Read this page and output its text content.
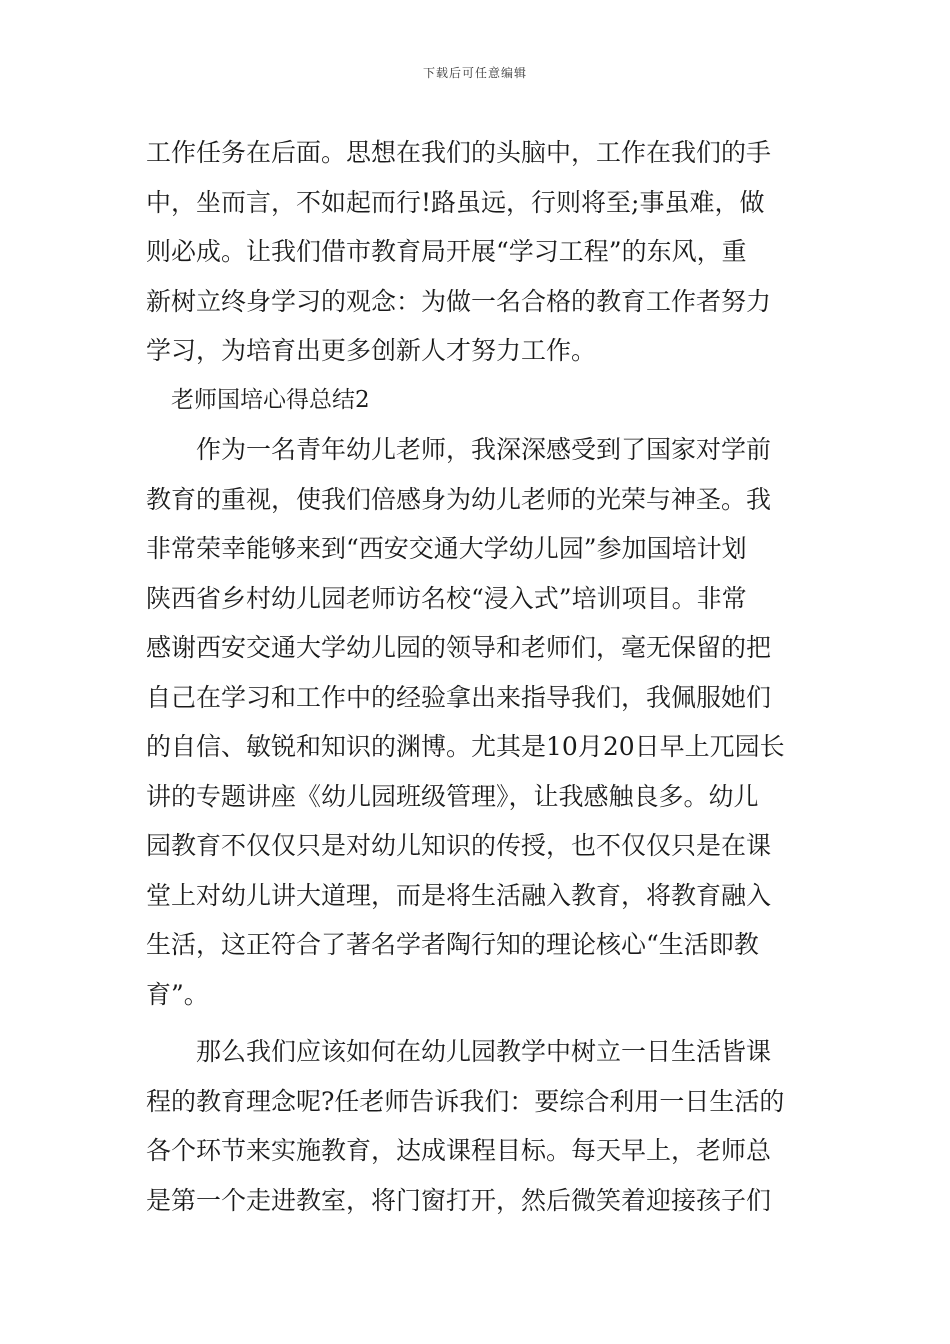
下载后可任意编辑
工作任务在后面。思想在我们的头脑中，工作在我们的手
中，坐而言，不如起而行!路虽远，行则将至;事虽难，做
则必成。让我们借市教育局开展“学习工程”的东风，重
新树立终身学习的观念：为做一名合格的教育工作者努力
学习，为培育出更多创新人才努力工作。
老师国培心得总结2
作为一名青年幼儿老师，我深深感受到了国家对学前
教育的重视，使我们倍感身为幼儿老师的光荣与神圣。我
非常荣幸能够来到“西安交通大学幼儿园”参加国培计划
陕西省乡村幼儿园老师访名校“浸入式”培训项目。非常
感谢西安交通大学幼儿园的领导和老师们，毫无保留的把
自己在学习和工作中的经验拿出来指导我们，我佩服她们
的自信、敏锐和知识的渊博。尤其是10月20日早上兀园长
讲的专题讲座《幼儿园班级管理》，让我感触良多。幼儿
园教育不仅仅只是对幼儿知识的传授，也不仅仅只是在课
堂上对幼儿讲大道理，而是将生活融入教育，将教育融入
生活，这正符合了著名学者陶行知的理论核心“生活即教
育”。
那么我们应该如何在幼儿园教学中树立一日生活皆课
程的教育理念呢?任老师告诉我们：要综合利用一日生活的
各个环节来实施教育，达成课程目标。每天早上，老师总
是第一个走进教室，将门窗打开，然后微笑着迎接孩子们
